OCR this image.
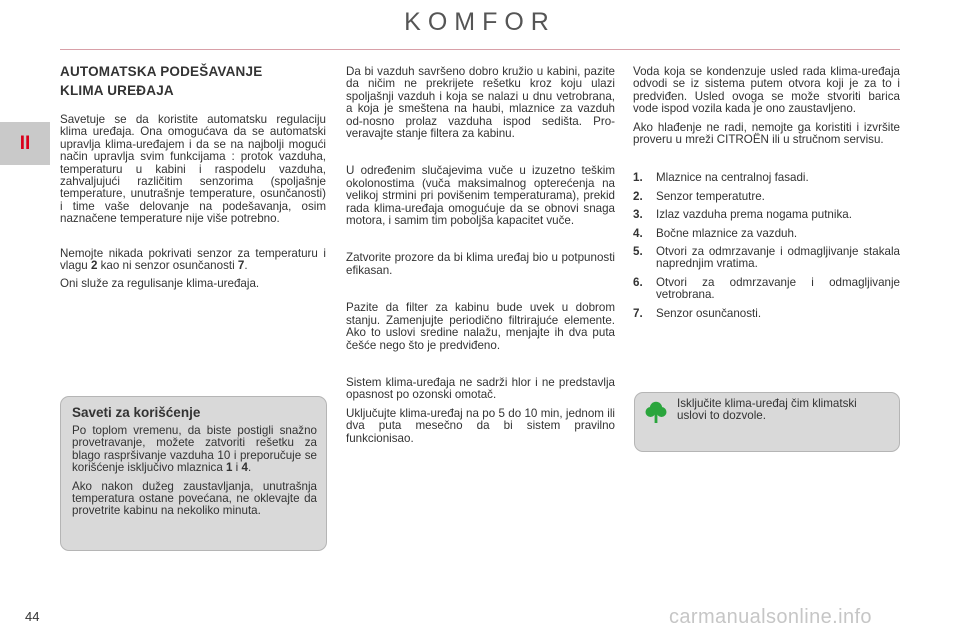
KOMFOR
II
AUTOMATSKA PODEŠAVANJE
KLIMA UREĐAJA

Savetuje se da koristite automatsku regulaciju klima uređaja. Ona omogućava da se automatski upravlja klima-uređajem i da se na najbolji mogući način upravlja svim funkcijama : protok vazduha, temperaturu u kabini i raspodelu vazduha, zahvaljujući različitim senzorima (spoljašnje temperature, unutrašnje temperature, osunčanosti) i time vaše delovanje na podešavanja, osim naznačene temperature nije više potrebno.

Nemojte nikada pokrivati senzor za temperaturu i vlagu 2 kao ni senzor osunčanosti 7.

Oni služe za regulisanje klima-uređaja.

Saveti za korišćenje

Po toplom vremenu, da biste postigli snažno provetravanje, možete zatvoriti rešetku za blago raspršivanje vazduha 10 i preporučuje se korišćenje isključivo mlaznica 1 i 4.

Ako nakon dužeg zaustavljanja, unutrašnja temperatura ostane povećana, ne oklevajte da provetrite kabinu na nekoliko minuta.

Da bi vazduh savršeno dobro kružio u kabini, pazite da ničim ne prekrijete rešetku kroz koju ulazi spoljašnji vazduh i koja se nalazi u dnu vetrobrana, a koja je smeštena na haubi, mlaznice za vazduh od-nosno prolaz vazduha ispod sedišta. Pro-veravajte stanje filtera za kabinu.

U određenim slučajevima vuče u izuzetno teškim okolonostima (vuča maksimalnog opterećenja na velikoj strmini pri povišenim temperaturama), prekid rada klima-uređaja omogućuje da se obnovi snaga motora, i samim tim poboljša kapacitet vuče.

Zatvorite prozore da bi klima uređaj bio u potpunosti efikasan.

Pazite da filter za kabinu bude uvek u dobrom stanju. Zamenjujte periodično filtrirajuće elemente. Ako to uslovi sredine nalažu, menjajte ih dva puta češće nego što je predviđeno.

Sistem klima-uređaja ne sadrži hlor i ne predstavlja opasnost po ozonski omotač.

Uključujte klima-uređaj na po 5 do 10 min, jednom ili dva puta mesečno da bi sistem pravilno funkcionisao.

Voda koja se kondenzuje usled rada klima-uređaja odvodi se iz sistema putem otvora koji je za to i predviđen. Usled ovoga se može stvoriti barica vode ispod vozila kada je ono zaustavljeno.

Ako hlađenje ne radi, nemojte ga koristiti i izvršite proveru u mreži CITROËN ili u stručnom servisu.

1.	Mlaznice na centralnoj fasadi.
2.	Senzor temperatutre.
3.	Izlaz vazduha prema nogama putnika.
4.	Bočne mlaznice za vazduh.
5.	Otvori za odmrzavanje i odmagljivanje stakala naprednjim vratima.
6.	Otvori za odmrzavanje i odmagljivanje vetrobrana.
7.	Senzor osunčanosti.
Isključite klima-uređaj čim klimatski uslovi to dozvole.
44	carmanualsonline.info
